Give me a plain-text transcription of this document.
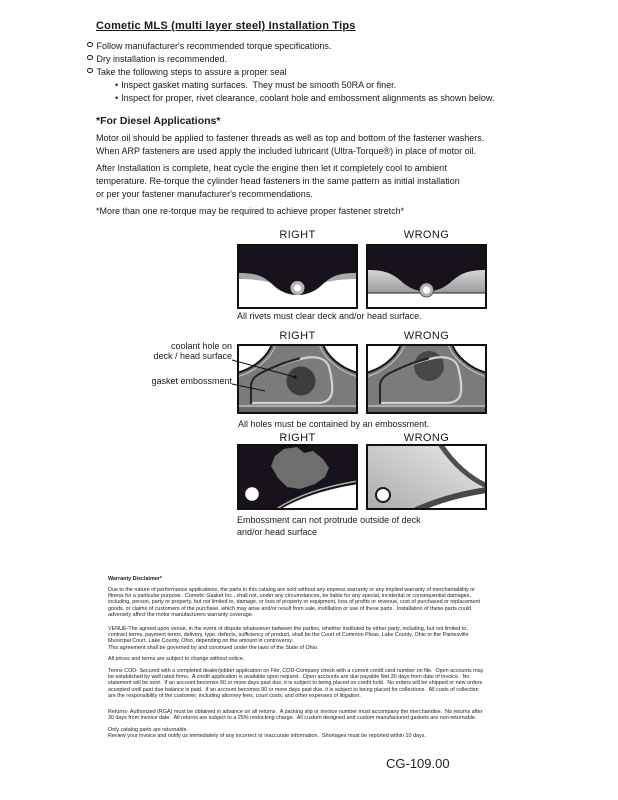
Cometic MLS (multi layer steel) Installation Tips
Follow manufacturer's recommended torque specifications.
Dry installation is recommended.
Take the following steps to assure a proper seal
• Inspect gasket mating surfaces.  They must be smooth 50RA or finer.
• Inspect for proper, rivet clearance, coolant hole and embossment alignments as shown below.
*For Diesel Applications*
Motor oil should be applied to fastener threads as well as top and bottom of the fastener washers.
When ARP fasteners are used apply the included lubricant (Ultra-Torque®) in place of motor oil.
After Installation is complete, heat cycle the engine then let it completely cool to ambient
temperature. Re-torque the cylinder head fasteners in the same pattern as initial installation
or per your fastener manufacturer's recommendations.
*More than one re-torque may be required to achieve proper fastener stretch*
RIGHT	WRONG
All rivets must clear deck and/or head surface.
RIGHT	WRONG
coolant hole on
deck / head surface
gasket embossment
All holes must be contained by an embossment.
RIGHT	WRONG
Embossment can not protrude outside of deck
and/or head surface
Warranty Disclaimer*
Due to the nature of performance applications, the parts in this catalog are sold without any express warranty or any implied warranty of merchantability or
fitness for a particular purpose.  Cometic Gasket Inc., shall not, under any circumstances, be liable for any special, incidental or consequential damages,
including, person, party or property, but not limited to, damage, or loss of property or equipment, loss of profits or revenue, cost of purchased or replacement
goods, or claims of customers of the purchase, which may arise and/or result from sale, instillation or use of these parts.  Installation of these parts could
adversely affect the motor manufacturers warranty coverage.
VENUE-The agreed upon venue, in the event of dispute whatsoever between the parties, whether instituted by either party, including, but not limited to,
contract terms, payment terms, delivery, type, defects, sufficiency of product, shall be the Court of Common Pleas, Lake County, Ohio or the Painesville
Municipal Court, Lake County, Ohio, depending on the amount in controversy.
This agreement shall be governed by and construed under the laws of the State of Ohio.
All prices and terms are subject to change without notice.
Terms COD- Secured with a completed dealer/jobber application on File, COD-Company check with a current credit card number on file.  Open accounts may
be established by well rated firms.  A credit application is available upon request.  Open accounts are due payable Net 30 days from date of invoice.  No
statement will be sent.  If an account becomes 60 or more days past due, it is subject to being placed on credit hold.  No orders will be shipped or new orders
accepted until past due balance is paid.  If an account becomes 90 or more days past due, it is subject to being placed for collections.  All costs of collection
are the responsibility of the customer, including attorney fees, court costs, and other expenses of litigation.
Returns- Authorized (RGA) must be obtained in advance on all returns.  A packing slip or invoice number must accompany the merchandise.  No returns after
30 days from invoice date.  All returns are subject to a 25% restocking charge.  All custom designed and custom manufactured gaskets are non-returnable.
Only catalog parts are returnable.
Review your invoice and notify us immediately of any incorrect or inaccurate information.  Shortages must be reported within 10 days.
CG-109.00
